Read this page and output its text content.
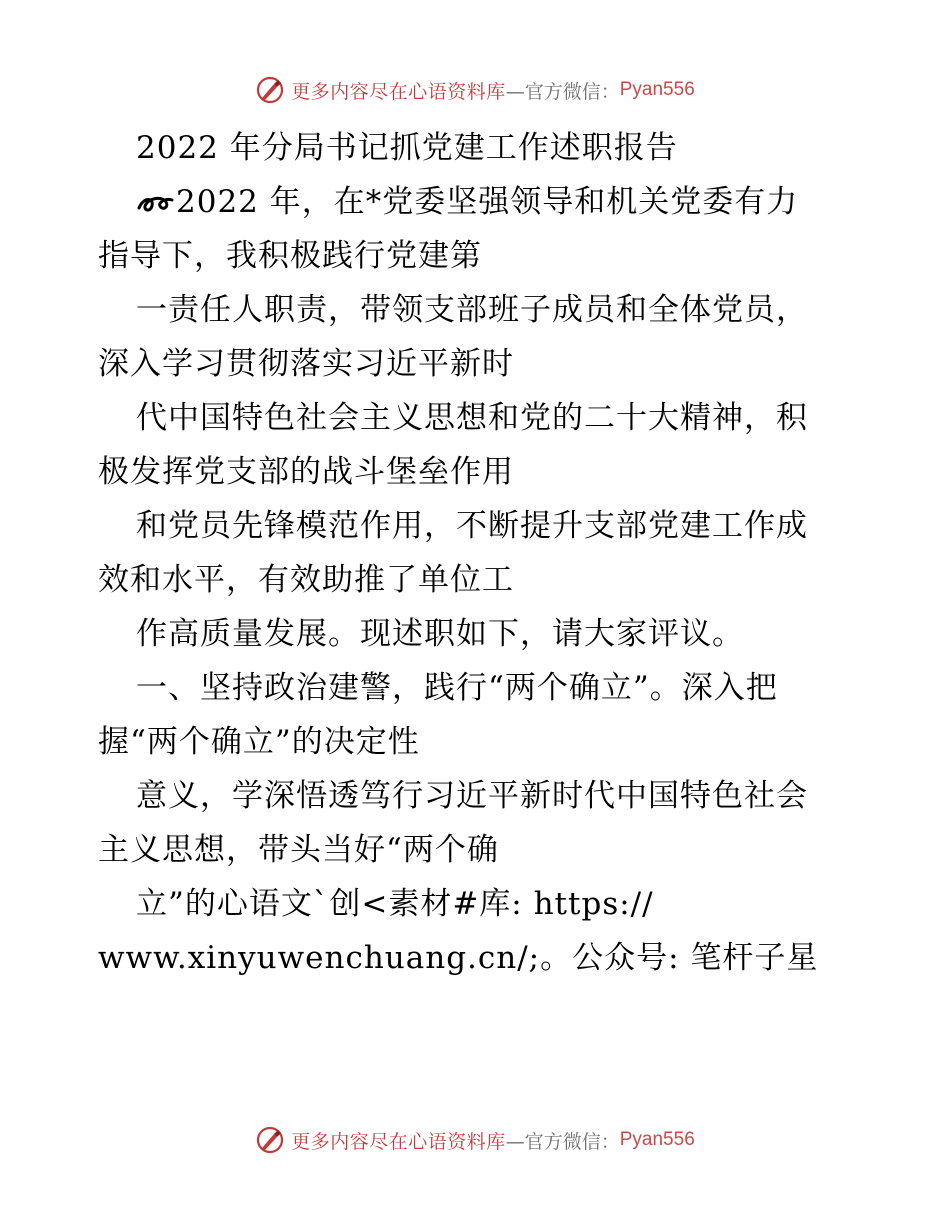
更多内容尽在心语资料库 —官方微信： Pyan556
2022 年分局书记抓党建工作述职报告
2022 年，在*党委坚强领导和机关党委有力
指导下，我积极践行党建第
一责任人职责，带领支部班子成员和全体党员，
深入学习贯彻落实习近平新时
代中国特色社会主义思想和党的二十大精神，积
极发挥党支部的战斗堡垒作用
和党员先锋模范作用，不断提升支部党建工作成
效和水平，有效助推了单位工
作高质量发展。现述职如下，请大家评议。
一、坚持政治建警，践行“两个确立”。深入把
握“两个确立”的决定性
意义，学深悟透笃行习近平新时代中国特色社会
主义思想，带头当好“两个确
立”的心语文`创<素材#库: https://
www.xinyuwenchuang.cn/;。公众号: 笔杆子星
更多内容尽在心语资料库 —官方微信： Pyan556
